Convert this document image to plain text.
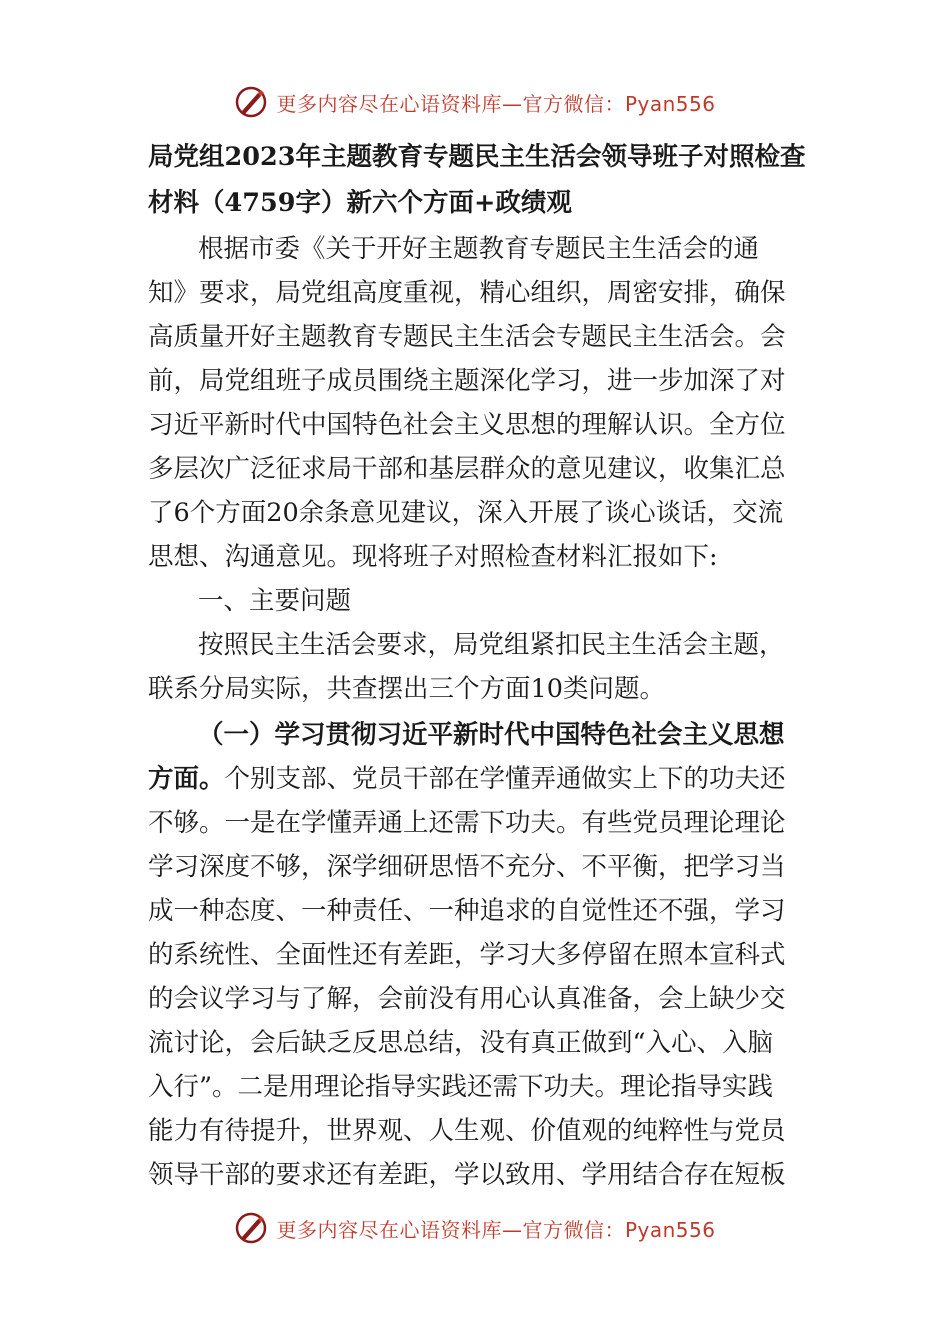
更多内容尽在心语资料库—官方微信：Pyan556
局党组2023年主题教育专题民主生活会领导班子对照检查
材料（4759字）新六个方面+政绩观
根据市委《关于开好主题教育专题民主生活会的通
知》要求，局党组高度重视，精心组织，周密安排，确保
高质量开好主题教育专题民主生活会专题民主生活会。会
前，局党组班子成员围绕主题深化学习，进一步加深了对
习近平新时代中国特色社会主义思想的理解认识。全方位
多层次广泛征求局干部和基层群众的意见建议，收集汇总
了6个方面20余条意见建议，深入开展了谈心谈话，交流
思想、沟通意见。现将班子对照检查材料汇报如下:
一、主要问题
按照民主生活会要求，局党组紧扣民主生活会主题，
联系分局实际，共查摆出三个方面10类问题。
（一）学习贯彻习近平新时代中国特色社会主义思想
方面。个别支部、党员干部在学懂弄通做实上下的功夫还
不够。一是在学懂弄通上还需下功夫。有些党员理论理论
学习深度不够，深学细研思悟不充分、不平衡，把学习当
成一种态度、一种责任、一种追求的自觉性还不强，学习
的系统性、全面性还有差距，学习大多停留在照本宣科式
的会议学习与了解，会前没有用心认真准备，会上缺少交
流讨论，会后缺乏反思总结，没有真正做到“入心、入脑
入行”。二是用理论指导实践还需下功夫。理论指导实践
能力有待提升，世界观、人生观、价值观的纯粹性与党员
领导干部的要求还有差距，学以致用、学用结合存在短板
更多内容尽在心语资料库—官方微信：Pyan556
